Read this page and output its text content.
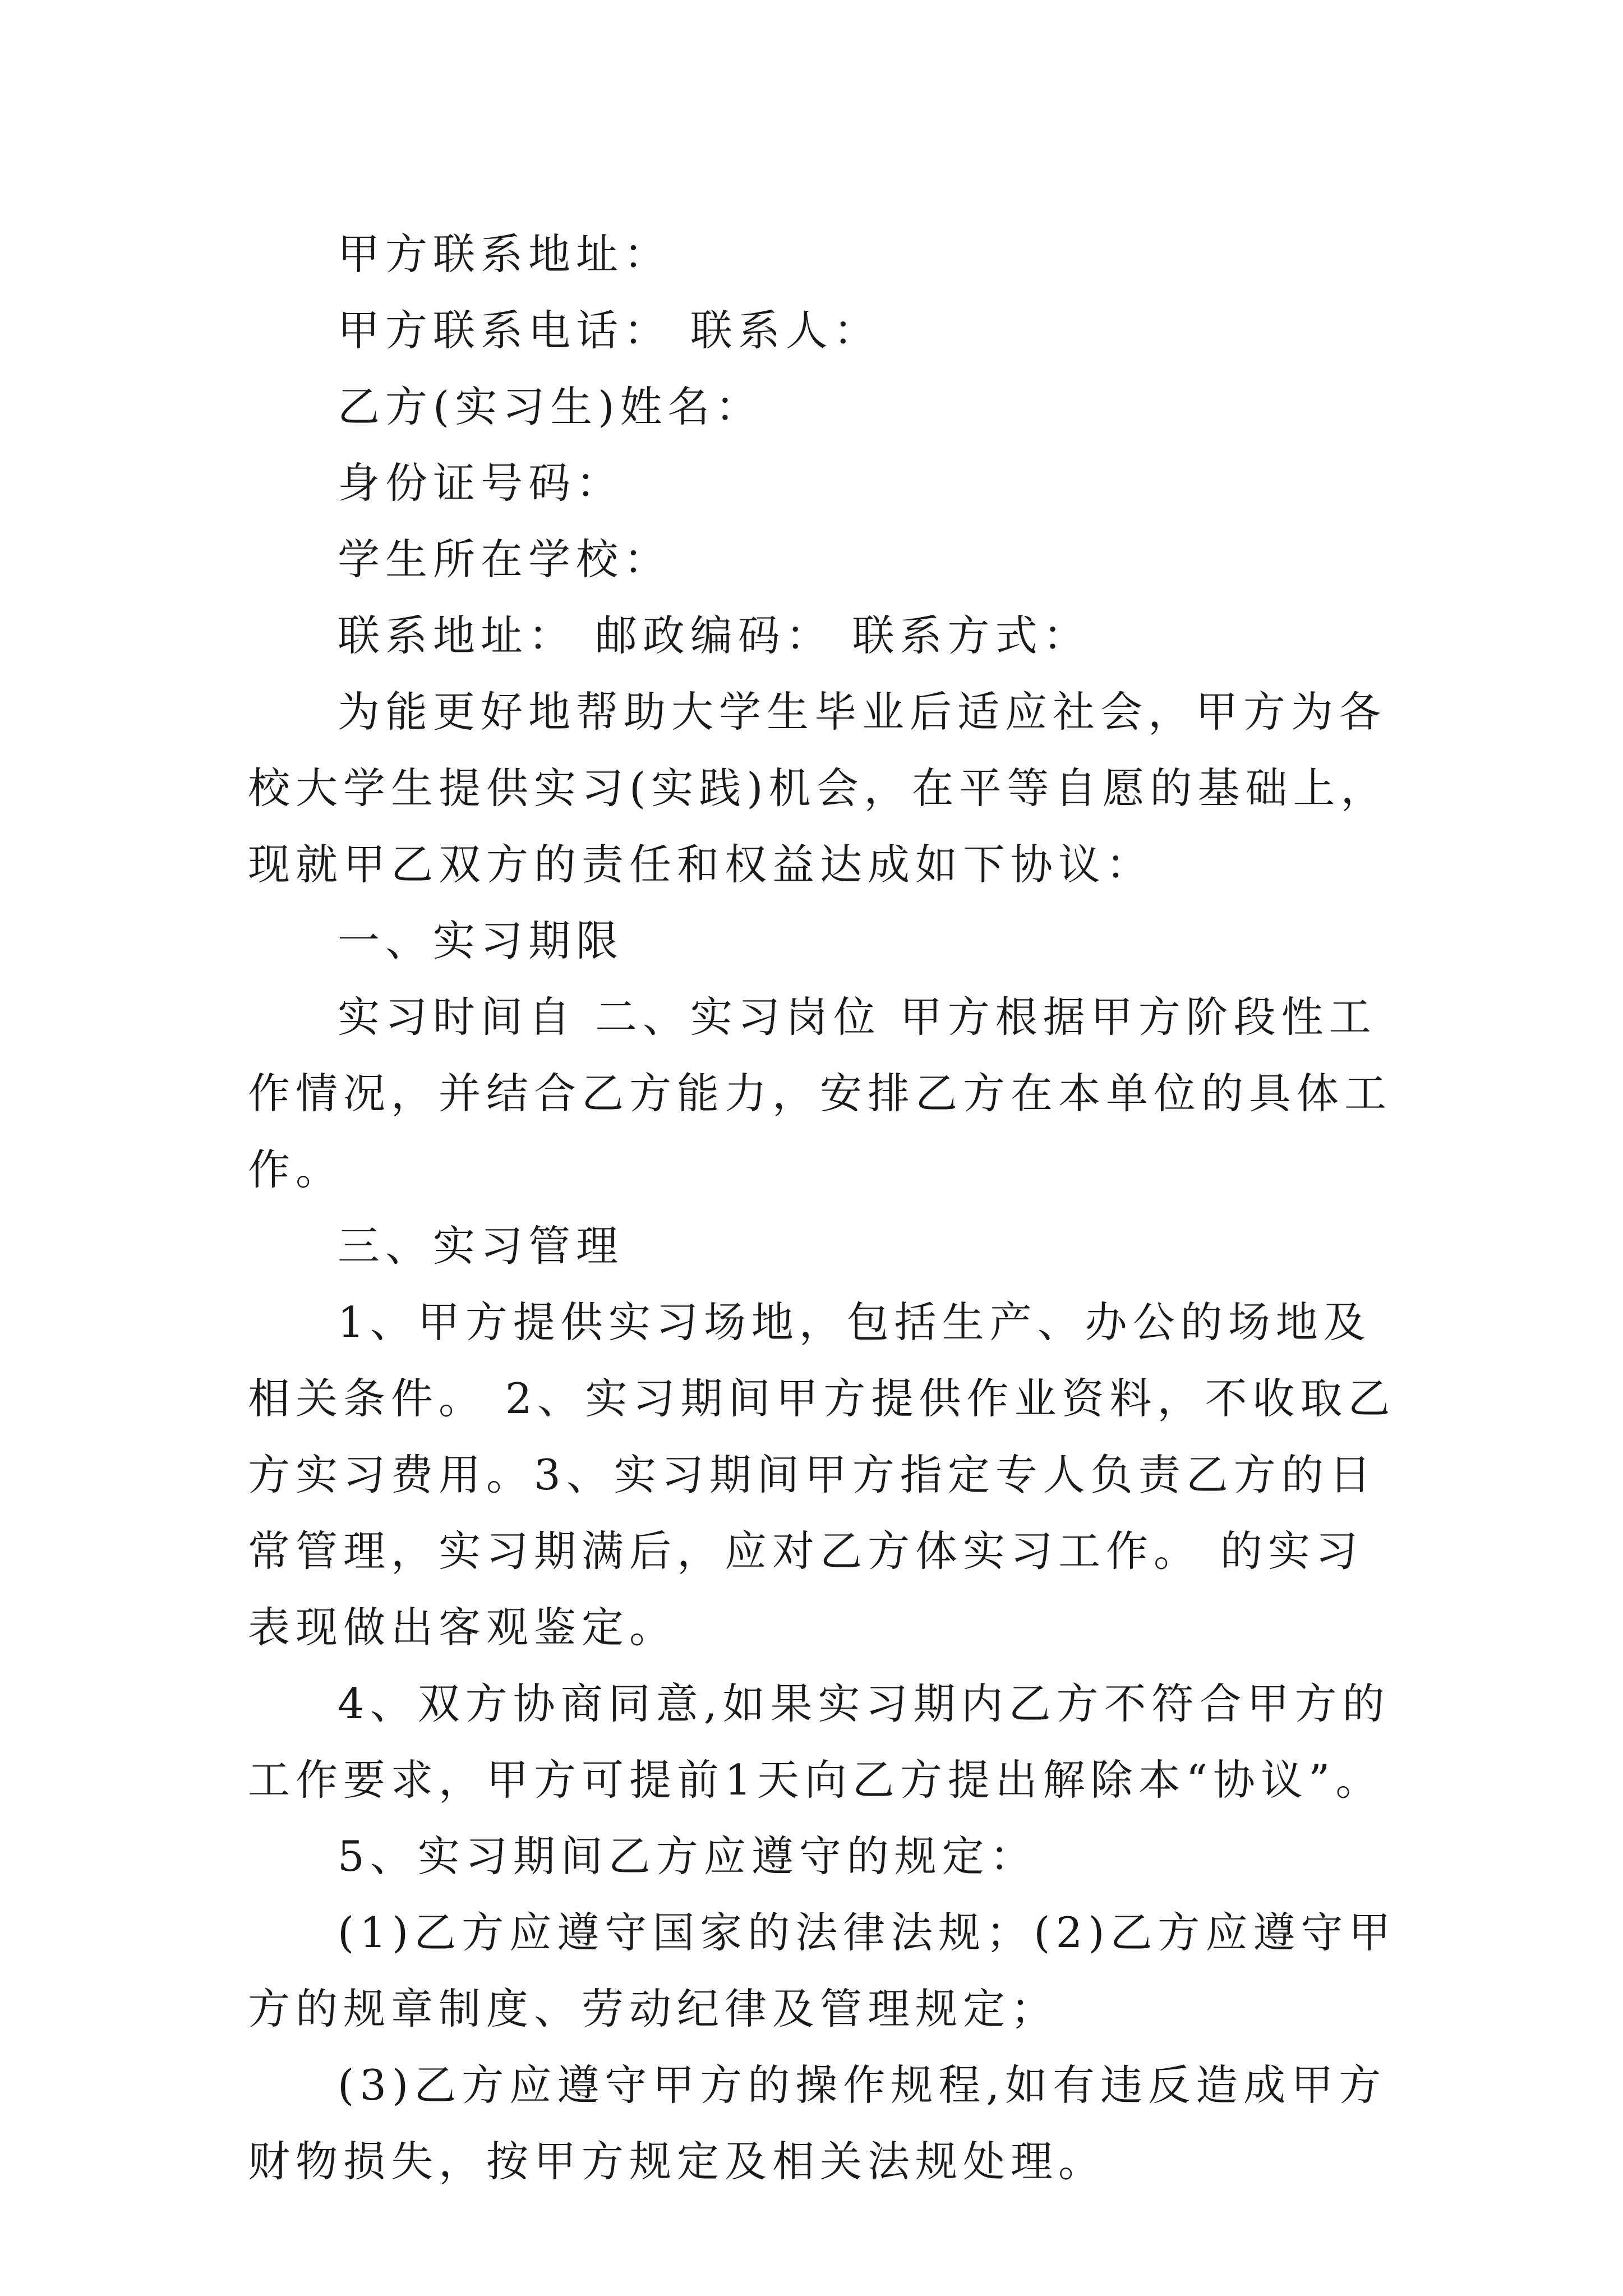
甲方联系地址：

甲方联系电话： 联系人：

乙方(实习生)姓名：

身份证号码：

学生所在学校：

联系地址： 邮政编码： 联系方式：

为能更好地帮助大学生毕业后适应社会，甲方为各校大学生提供实习(实践)机会，在平等自愿的基础上，现就甲乙双方的责任和权益达成如下协议：

一、实习期限

实习时间自 二、实习岗位 甲方根据甲方阶段性工作情况，并结合乙方能力，安排乙方在本单位的具体工作。

三、实习管理

1、甲方提供实习场地，包括生产、办公的场地及相关条件。 2、实习期间甲方提供作业资料，不收取乙方实习费用。3、实习期间甲方指定专人负责乙方的日常管理，实习期满后，应对乙方体实习工作。 的实习表现做出客观鉴定。

4、双方协商同意,如果实习期内乙方不符合甲方的工作要求，甲方可提前1天向乙方提出解除本“协议”。

5、实习期间乙方应遵守的规定：

(1)乙方应遵守国家的法律法规；(2)乙方应遵守甲方的规章制度、劳动纪律及管理规定；

(3)乙方应遵守甲方的操作规程,如有违反造成甲方财物损失，按甲方规定及相关法规处理。
